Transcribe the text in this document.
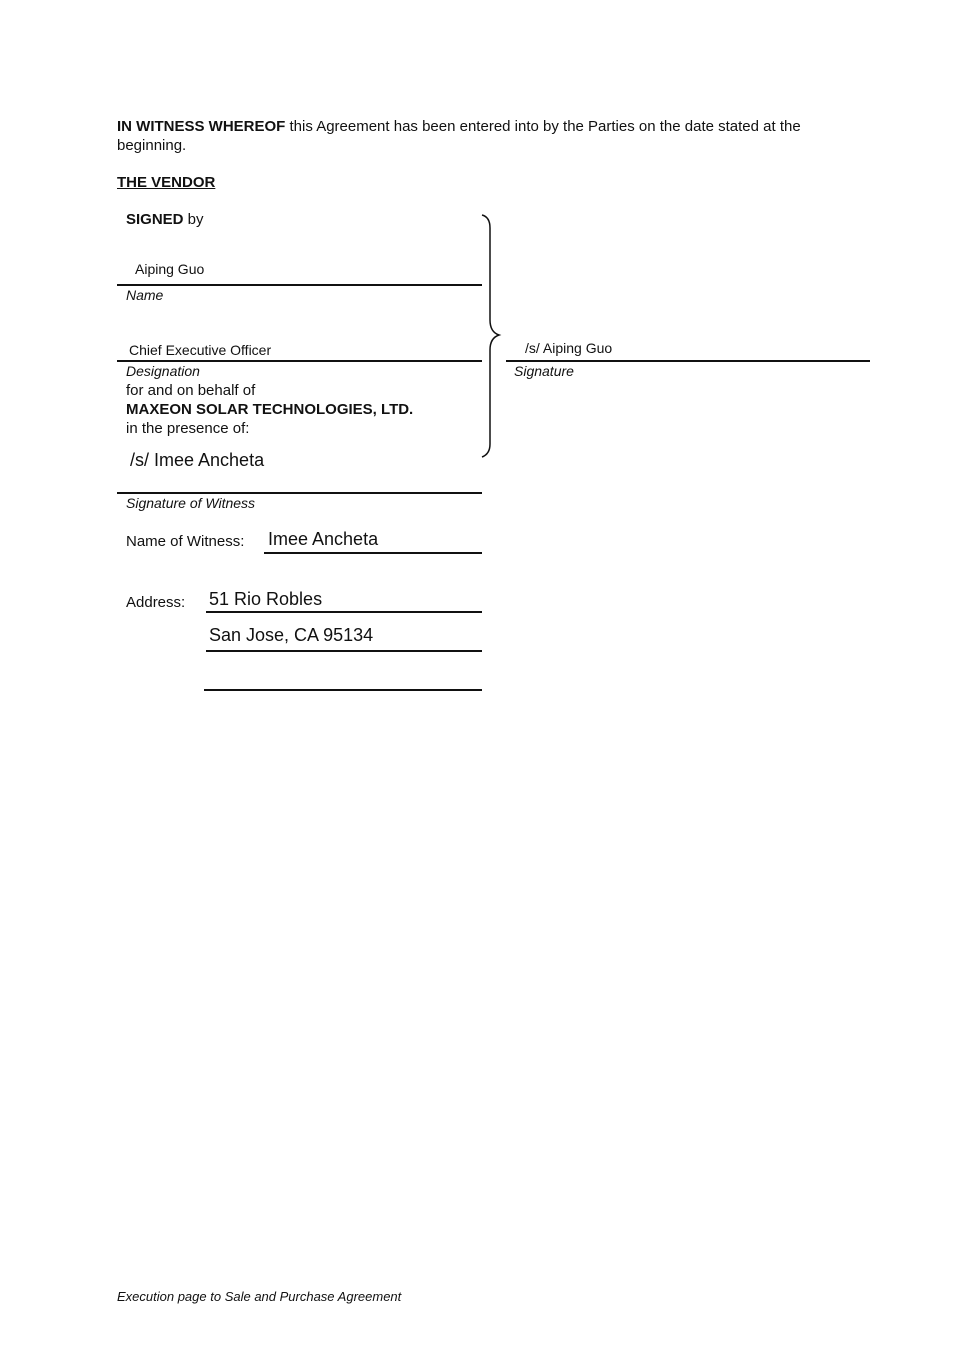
IN WITNESS WHEREOF this Agreement has been entered into by the Parties on the date stated at the
beginning.
THE VENDOR
SIGNED by
Aiping Guo
Name
Chief Executive Officer
Designation
for and on behalf of
MAXEON SOLAR TECHNOLOGIES, LTD.
in the presence of:
/s/ Aiping Guo
Signature
/s/ Imee Ancheta
Signature of Witness
Name of Witness: Imee Ancheta
Address: 51 Rio Robles
San Jose, CA 95134
Execution page to Sale and Purchase Agreement
